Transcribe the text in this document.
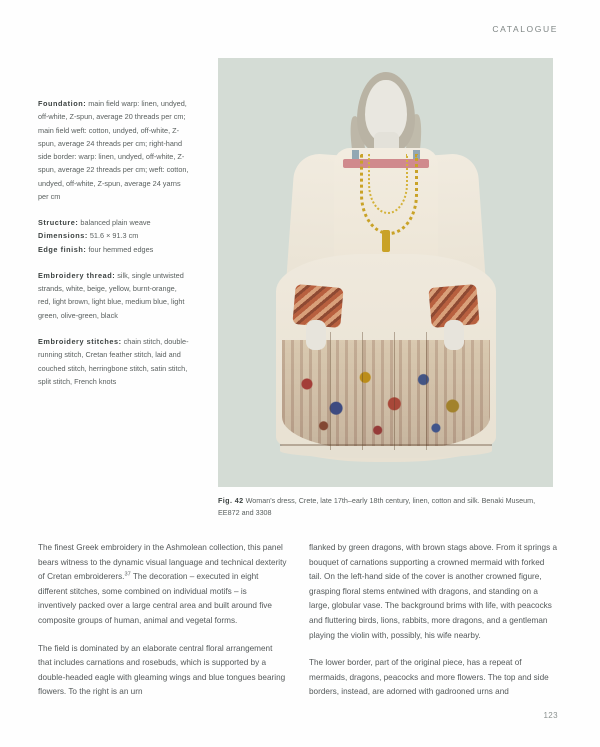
CATALOGUE
Foundation: main field warp: linen, undyed, off-white, Z-spun, average 20 threads per cm; main field weft: cotton, undyed, off-white, Z-spun, average 24 threads per cm; right-hand side border: warp: linen, undyed, off-white, Z-spun, average 22 threads per cm; weft: cotton, undyed, off-white, Z-spun, average 24 yarns per cm
Structure: balanced plain weave
Dimensions: 51.6 × 91.3 cm
Edge finish: four hemmed edges
Embroidery thread: silk, single untwisted strands, white, beige, yellow, burnt-orange, red, light brown, light blue, medium blue, light green, olive-green, black
Embroidery stitches: chain stitch, double-running stitch, Cretan feather stitch, laid and couched stitch, herringbone stitch, satin stitch, split stitch, French knots
Fig. 42 Woman's dress, Crete, late 17th–early 18th century, linen, cotton and silk. Benaki Museum, EE872 and 3308

The finest Greek embroidery in the Ashmolean collection, this panel bears witness to the dynamic visual language and technical dexterity of Cretan embroiderers.$^{37}$ The decoration – executed in eight different stitches, some combined on individual motifs – is inventively packed over a large central area and built around five composite groups of human, animal and vegetal forms.

The field is dominated by an elaborate central floral arrangement that includes carnations and rosebuds, which is supported by a double-headed eagle with gleaming wings and blue tongues bearing flowers. To the right is an urn

flanked by green dragons, with brown stags above. From it springs a bouquet of carnations supporting a crowned mermaid with forked tail. On the left-hand side of the cover is another crowned figure, grasping floral stems entwined with dragons, and standing on a large, globular vase. The background brims with life, with peacocks and fluttering birds, lions, rabbits, more dragons, and a gentleman playing the violin with, possibly, his wife nearby.

The lower border, part of the original piece, has a repeat of mermaids, dragons, peacocks and more flowers. The top and side borders, instead, are adorned with gadrooned urns and

123
